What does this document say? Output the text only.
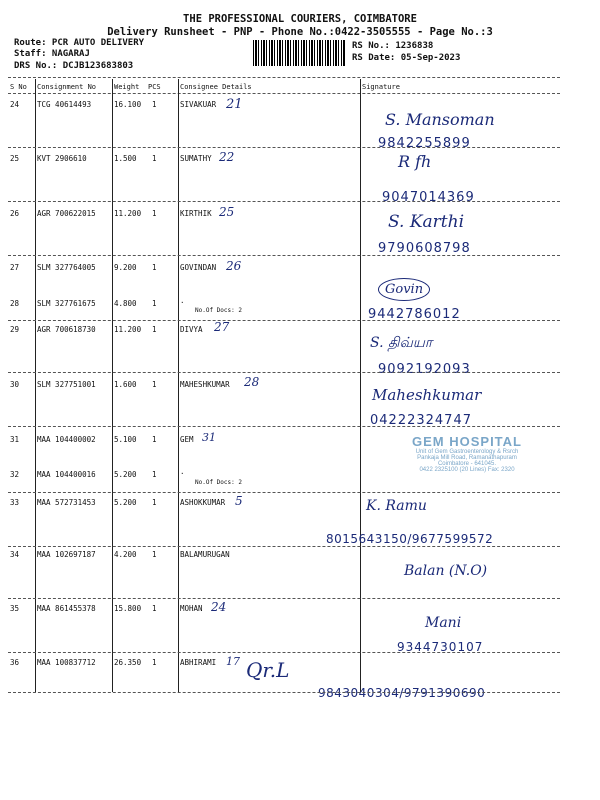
THE PROFESSIONAL COURIERS, COIMBATORE
Delivery Runsheet - PNP - Phone No.:0422-3505555 - Page No.:3
Route: PCR AUTO DELIVERY
Staff: NAGARAJ
DRS No.: DCJB123683803
RS No.: 1236838
RS Date: 05-Sep-2023
S No Consignment No	Weight PCS	Consignee Details	Signature
24 TCG 40614493	16.100 1	SIVAKUAR 21
S. Mansoman
9842255899
25 KVT 2906610	1.500 1	SUMATHY 22	R fh
9047014369
26 AGR 700622015 11.200 1	KIRTHIK 25	S. Karthi
9790608798
27 SLM 327764005 9.200 1	GOVINDAN 26
Govin
28 SLM 327761675 4.800 1	.
No.Of Docs: 2	9442786012
29 AGR 700618730 11.200 1	DIVYA 27
S. திவ்யா
9092192093
30 SLM 327751001 1.600 1	MAHESHKUMAR 28
Maheshkumar
04222324747
31 MAA 104400002 5.100 1	GEM 31	GEM HOSPITAL
Unit of Gem Gastroenterology & Rsrch
Pankaja Mill Road, Ramanathapuram
Coimbatore - 641045.
0422 2325100 (20 Lines) Fax: 2320
32 MAA 104400016 5.200 1	.
No.Of Docs: 2
33 MAA 572731453 5.200 1	ASHOKKUMAR 5	K. Ramu
8015643150/9677599572
34 MAA 102697187 4.200 1	BALAMURUGAN
Balan (N.O)
35 MAA 861455378 15.800 1	MOHAN 24
Mani
9344730107
36 MAA 100837712 26.350 1	ABHIRAMI 17 Qr.L
9843040304/9791390690
